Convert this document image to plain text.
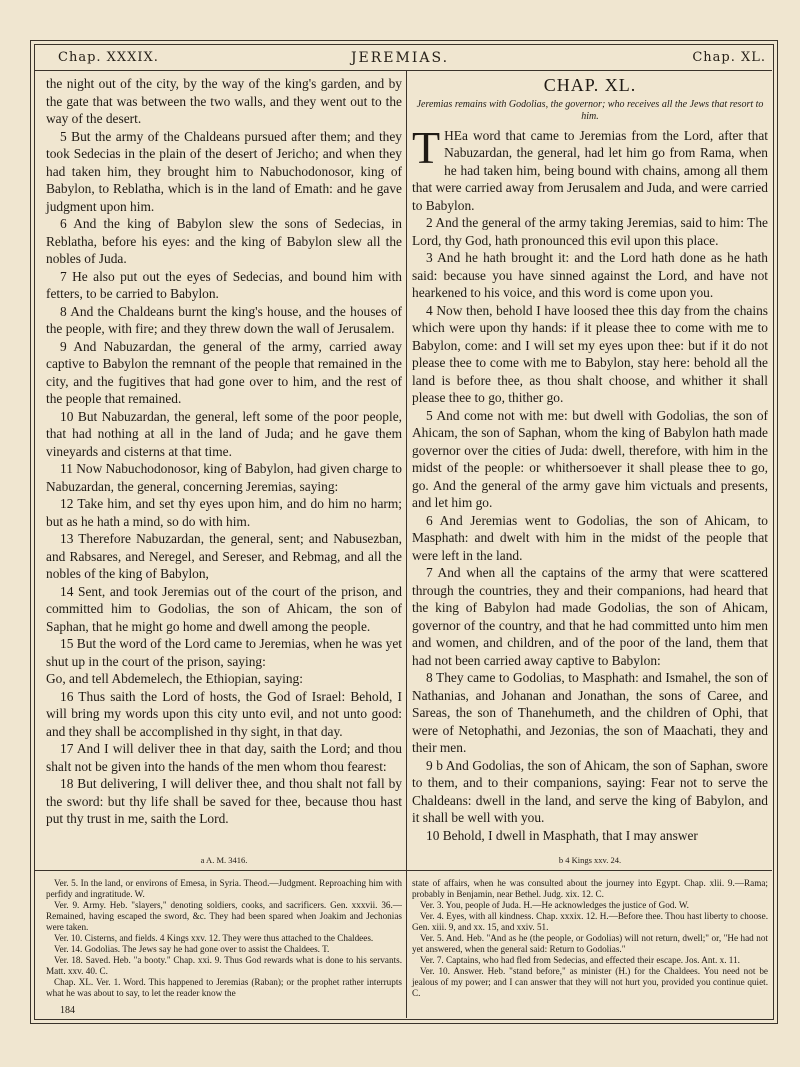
Chap. XXXIX.	JEREMIAS.	Chap. XL.

the night out of the city, by the way of the king's garden, and by the gate that was between the two walls, and they went out to the way of the desert.

5 But the army of the Chaldeans pursued after them; and they took Sedecias in the plain of the desert of Jericho; and when they had taken him, they brought him to Nabuchodonosor, king of Babylon, to Reblatha, which is in the land of Emath: and he gave judgment upon him.

6 And the king of Babylon slew the sons of Sedecias, in Reblatha, before his eyes: and the king of Babylon slew all the nobles of Juda.

7 He also put out the eyes of Sedecias, and bound him with fetters, to be carried to Babylon.

8 And the Chaldeans burnt the king's house, and the houses of the people, with fire; and they threw down the wall of Jerusalem.

9 And Nabuzardan, the general of the army, carried away captive to Babylon the remnant of the people that remained in the city, and the fugitives that had gone over to him, and the rest of the people that remained.

10 But Nabuzardan, the general, left some of the poor people, that had nothing at all in the land of Juda; and he gave them vineyards and cisterns at that time.

11 Now Nabuchodonosor, king of Babylon, had given charge to Nabuzardan, the general, concerning Jeremias, saying:

12 Take him, and set thy eyes upon him, and do him no harm; but as he hath a mind, so do with him.

13 Therefore Nabuzardan, the general, sent; and Nabusezban, and Rabsares, and Neregel, and Sereser, and Rebmag, and all the nobles of the king of Babylon,

14 Sent, and took Jeremias out of the court of the prison, and committed him to Godolias, the son of Ahicam, the son of Saphan, that he might go home and dwell among the people.

15 But the word of the Lord came to Jeremias, when he was yet shut up in the court of the prison, saying:

Go, and tell Abdemelech, the Ethiopian, saying:

16 Thus saith the Lord of hosts, the God of Israel: Behold, I will bring my words upon this city unto evil, and not unto good: and they shall be accomplished in thy sight, in that day.

17 And I will deliver thee in that day, saith the Lord; and thou shalt not be given into the hands of the men whom thou fearest:

18 But delivering, I will deliver thee, and thou shalt not fall by the sword: but thy life shall be saved for thee, because thou hast put thy trust in me, saith the Lord.

CHAP. XL.
Jeremias remains with Godolias, the governor; who receives all the Jews that resort to him.
T HEa word that came to Jeremias from the Lord, after that Nabuzardan, the general, had let him go from Rama, when he had taken him, being bound with chains, among all them that were carried away from Jerusalem and Juda, and were carried to Babylon.

2 And the general of the army taking Jeremias, said to him: The Lord, thy God, hath pronounced this evil upon this place.

3 And he hath brought it: and the Lord hath done as he hath said: because you have sinned against the Lord, and have not hearkened to his voice, and this word is come upon you.

4 Now then, behold I have loosed thee this day from the chains which were upon thy hands: if it please thee to come with me to Babylon, come: and I will set my eyes upon thee: but if it do not please thee to come with me to Babylon, stay here: behold all the land is before thee, as thou shalt choose, and whither it shall please thee to go, thither go.

5 And come not with me: but dwell with Godolias, the son of Ahicam, the son of Saphan, whom the king of Babylon hath made governor over the cities of Juda: dwell, therefore, with him in the midst of the people: or whithersoever it shall please thee to go, go. And the general of the army gave him victuals and presents, and let him go.

6 And Jeremias went to Godolias, the son of Ahicam, to Masphath: and dwelt with him in the midst of the people that were left in the land.

7 And when all the captains of the army that were scattered through the countries, they and their companions, had heard that the king of Babylon had made Godolias, the son of Ahicam, governor of the country, and that he had committed unto him men and women, and children, and of the poor of the land, them that had not been carried away captive to Babylon:

8 They came to Godolias, to Masphath: and Ismahel, the son of Nathanias, and Johanan and Jonathan, the sons of Caree, and Sareas, the son of Thanehumeth, and the children of Ophi, that were of Netophathi, and Jezonias, the son of Maachati, they and their men.

9 b And Godolias, the son of Ahicam, the son of Saphan, swore to them, and to their companions, saying: Fear not to serve the Chaldeans: dwell in the land, and serve the king of Babylon, and it shall be well with you.

10 Behold, I dwell in Masphath, that I may answer

a A. M. 3416.	b 4 Kings xxv. 24.

Ver. 5. In the land, or environs of Emesa, in Syria. Theod.—Judgment. Reproaching him with perfidy and ingratitude. W.

Ver. 9. Army. Heb. "slayers," denoting soldiers, cooks, and sacrificers. Gen. xxxvii. 36.—Remained, having escaped the sword, &c. They had been spared when Joakim and Jechonias were taken.

Ver. 10. Cisterns, and fields. 4 Kings xxv. 12. They were thus attached to the Chaldees.

Ver. 14. Godolias. The Jews say he had gone over to assist the Chaldees. T.

Ver. 18. Saved. Heb. "a booty." Chap. xxi. 9. Thus God rewards what is done to his servants. Matt. xxv. 40. C.

Chap. XL. Ver. 1. Word. This happened to Jeremias (Raban); or the prophet rather interrupts what he was about to say, to let the reader know the

state of affairs, when he was consulted about the journey into Egypt. Chap. xlii. 9.—Rama; probably in Benjamin, near Bethel. Judg. xix. 12. C.

Ver. 3. You, people of Juda. H.—He acknowledges the justice of God. W.

Ver. 4. Eyes, with all kindness. Chap. xxxix. 12. H.—Before thee. Thou hast liberty to choose. Gen. xiii. 9, and xx. 15, and xxiv. 51.

Ver. 5. And. Heb. "And as he (the people, or Godolias) will not return, dwell;" or, "He had not yet answered, when the general said: Return to Godolias."

Ver. 7. Captains, who had fled from Sedecias, and effected their escape. Jos. Ant. x. 11.

Ver. 10. Answer. Heb. "stand before," as minister (H.) for the Chaldees. You need not be jealous of my power; and I can answer that they will not hurt you, provided you continue quiet. C.

184
